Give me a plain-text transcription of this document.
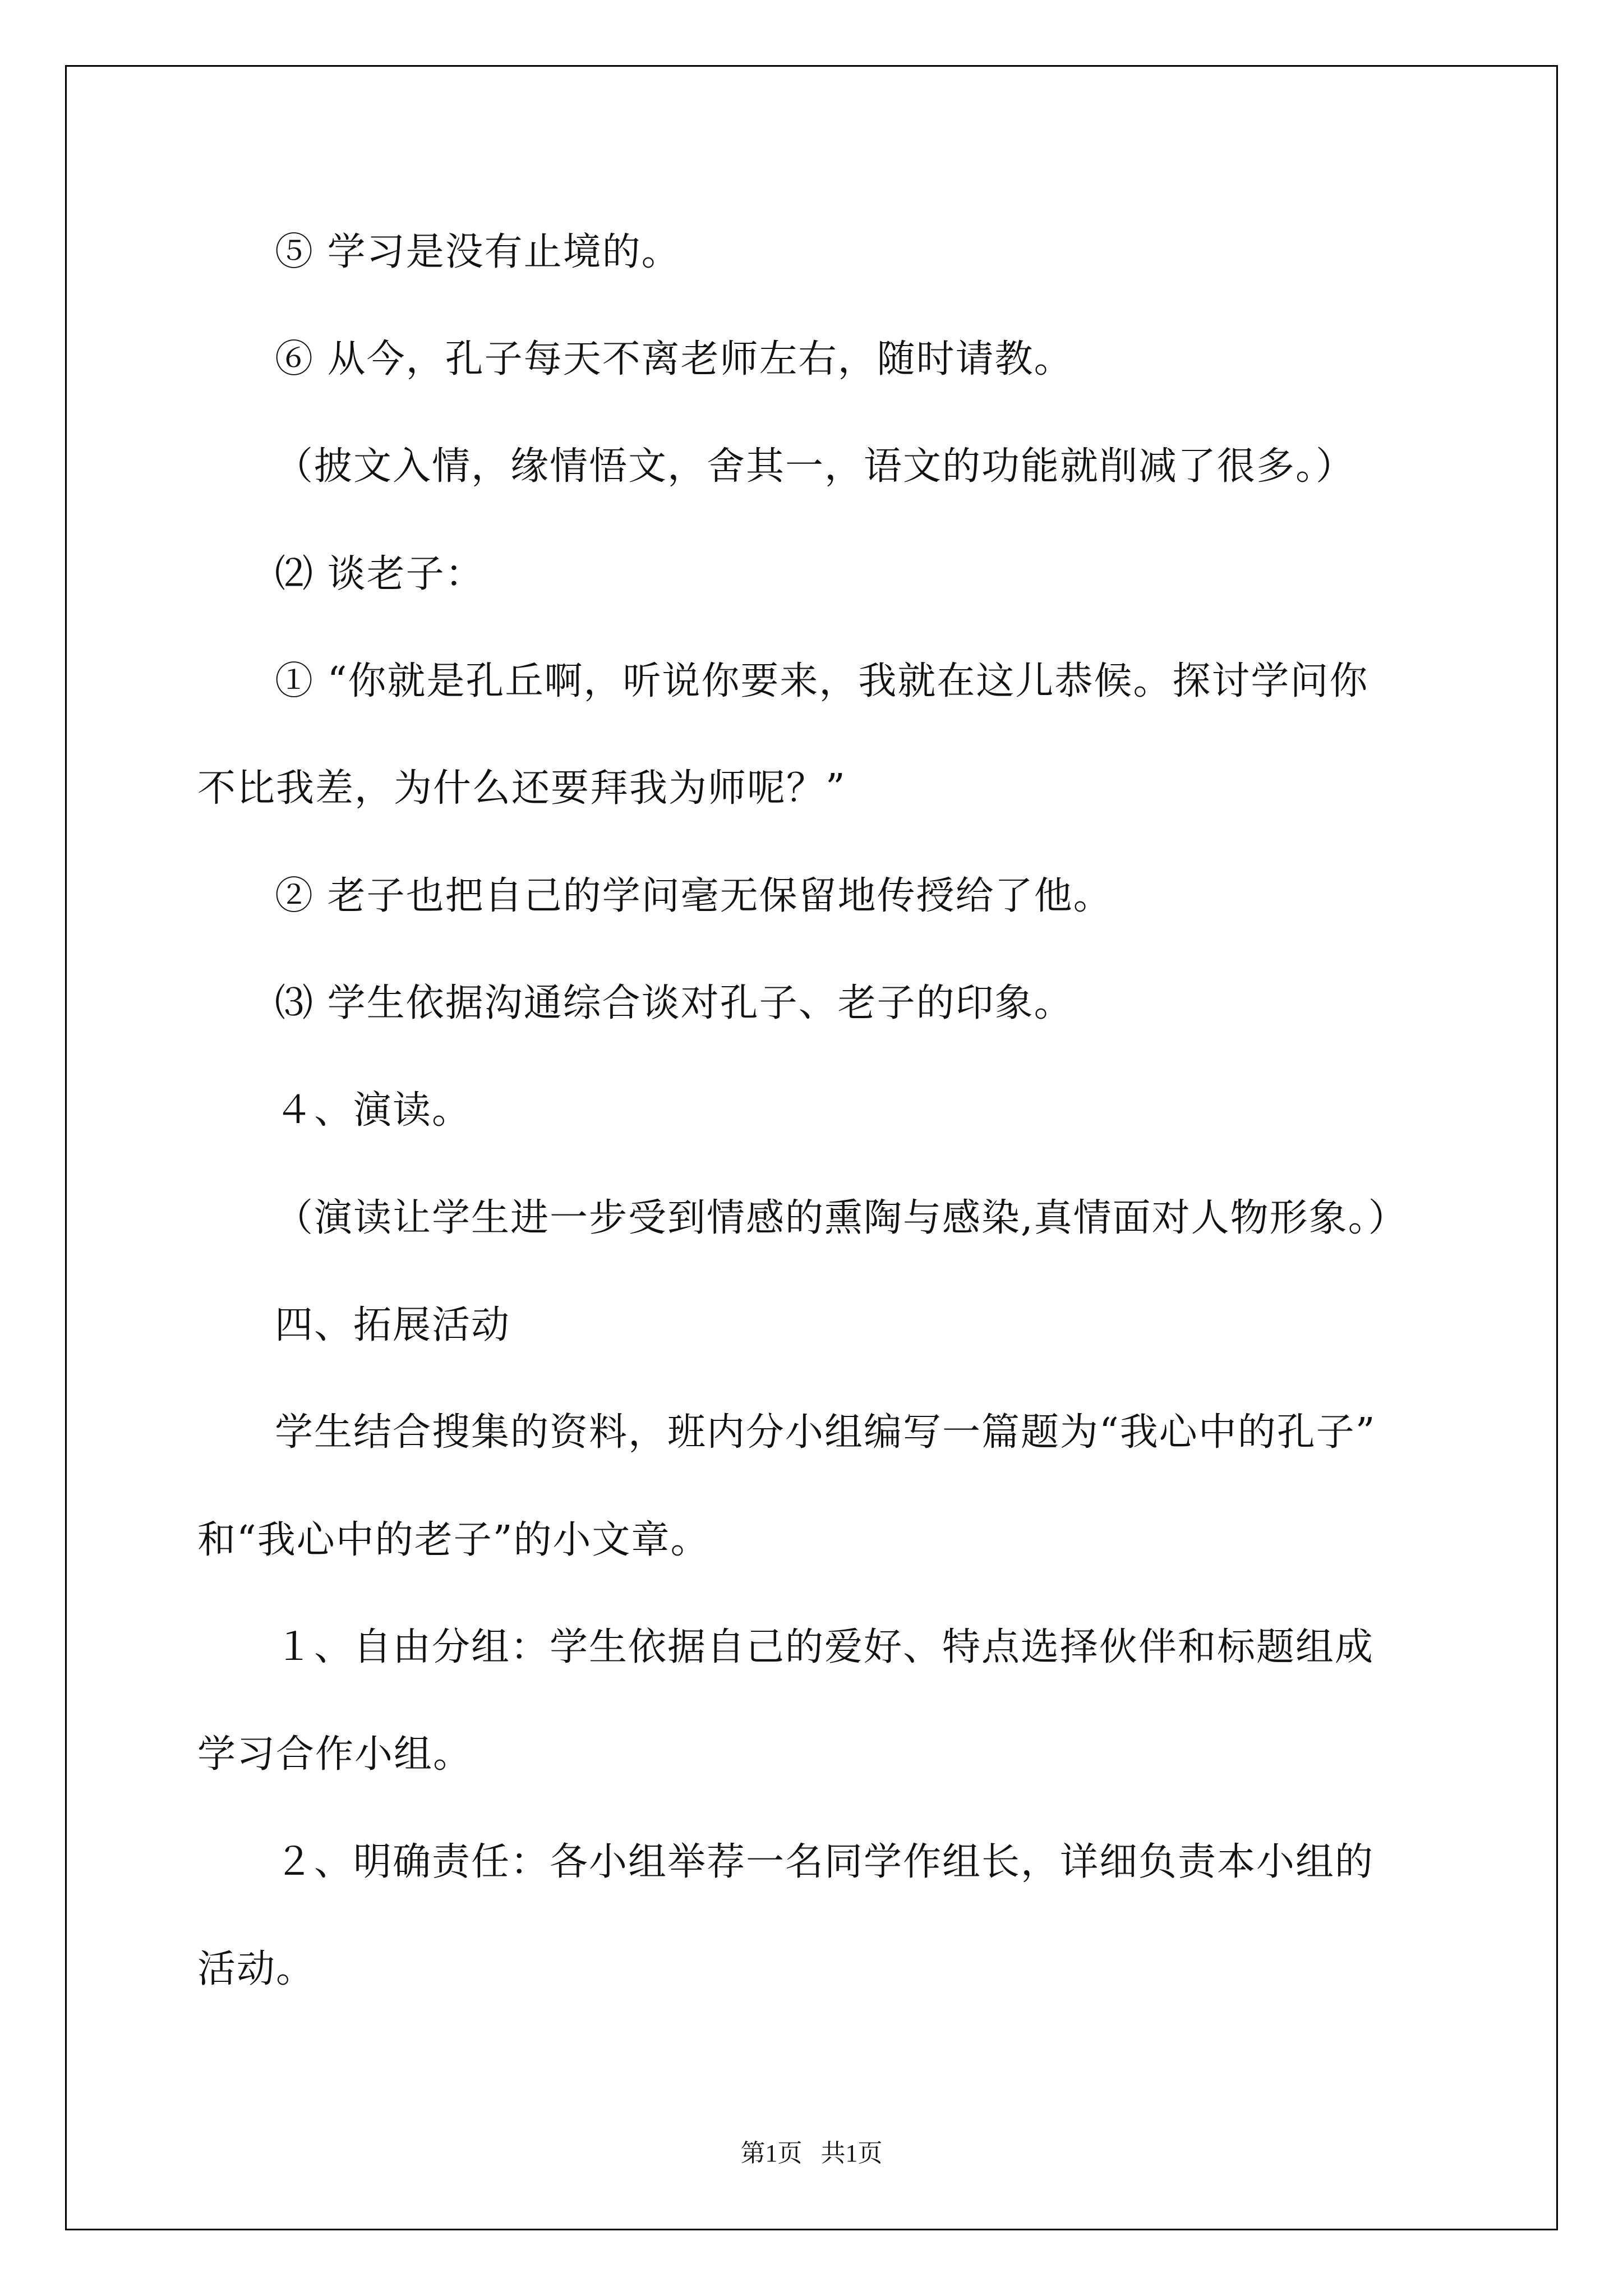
⑤ 学习是没有止境的。

⑥ 从今，孔子每天不离老师左右，随时请教。

（披文入情，缘情悟文，舍其一，语文的功能就削减了很多。）

⑵ 谈老子：

① “你就是孔丘啊，听说你要来，我就在这儿恭候。探讨学问你

不比我差，为什么还要拜我为师呢？”

② 老子也把自己的学问毫无保留地传授给了他。

⑶ 学生依据沟通综合谈对孔子、老子的印象。

４、演读。

（演读让学生进一步受到情感的熏陶与感染,真情面对人物形象。）

四、拓展活动

学生结合搜集的资料，班内分小组编写一篇题为“我心中的孔子”

和“我心中的老子”的小文章。

１、自由分组：学生依据自己的爱好、特点选择伙伴和标题组成

学习合作小组。

２、明确责任：各小组举荐一名同学作组长，详细负责本小组的

活动。

第1页   共1页
